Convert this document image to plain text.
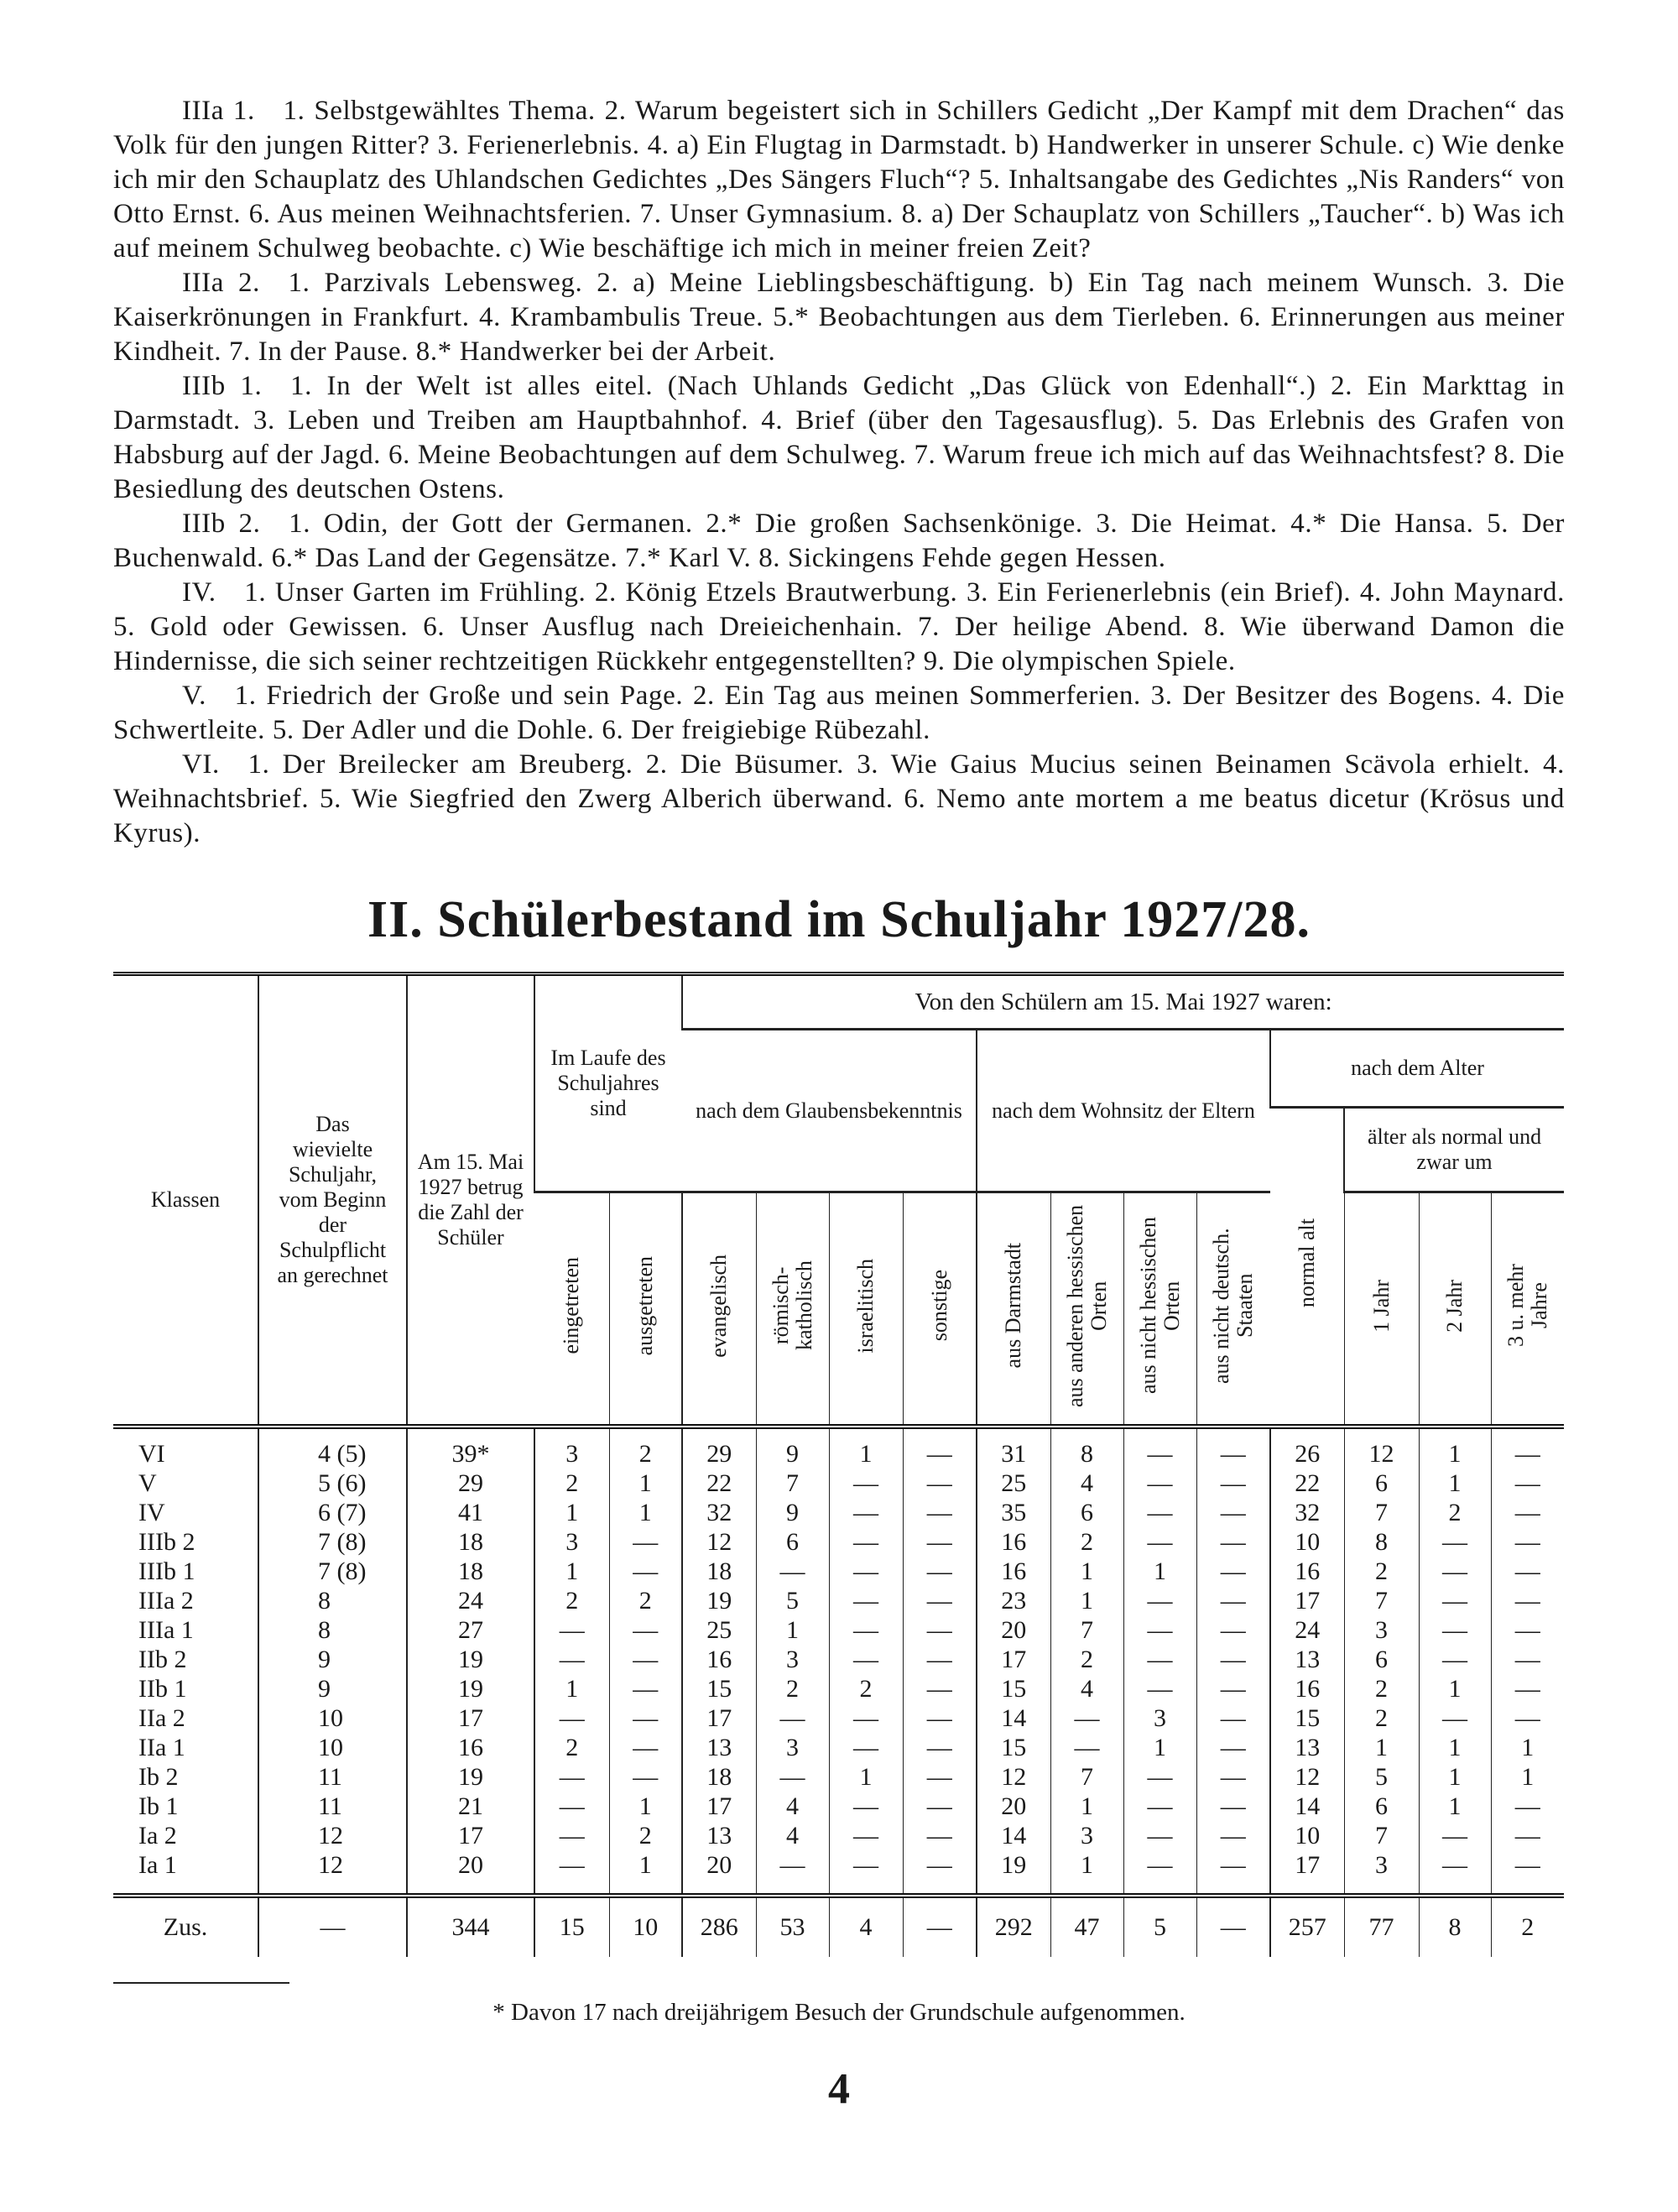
IIIa 1.  1. Selbstgewähltes Thema. 2. Warum begeistert sich in Schillers Gedicht „Der Kampf mit dem Drachen“ das Volk für den jungen Ritter? 3. Ferienerlebnis. 4. a) Ein Flugtag in Darmstadt. b) Handwerker in unserer Schule. c) Wie denke ich mir den Schauplatz des Uhlandschen Gedichtes „Des Sängers Fluch“? 5. Inhaltsangabe des Gedichtes „Nis Randers“ von Otto Ernst. 6. Aus meinen Weihnachtsferien. 7. Unser Gymnasium. 8. a) Der Schauplatz von Schillers „Taucher“. b) Was ich auf meinem Schulweg beobachte. c) Wie beschäftige ich mich in meiner freien Zeit?

IIIa 2.  1. Parzivals Lebensweg. 2. a) Meine Lieblingsbeschäftigung. b) Ein Tag nach meinem Wunsch. 3. Die Kaiserkrönungen in Frankfurt. 4. Krambambulis Treue. 5.* Beobachtungen aus dem Tierleben. 6. Erinnerungen aus meiner Kindheit. 7. In der Pause. 8.* Handwerker bei der Arbeit.

IIIb 1.  1. In der Welt ist alles eitel. (Nach Uhlands Gedicht „Das Glück von Edenhall“.) 2. Ein Markttag in Darmstadt. 3. Leben und Treiben am Hauptbahnhof. 4. Brief (über den Tagesausflug). 5. Das Erlebnis des Grafen von Habsburg auf der Jagd. 6. Meine Beobachtungen auf dem Schulweg. 7. Warum freue ich mich auf das Weihnachtsfest? 8. Die Besiedlung des deutschen Ostens.

IIIb 2.  1. Odin, der Gott der Germanen. 2.* Die großen Sachsenkönige. 3. Die Heimat. 4.* Die Hansa. 5. Der Buchenwald. 6.* Das Land der Gegensätze. 7.* Karl V. 8. Sickingens Fehde gegen Hessen.

IV.  1. Unser Garten im Frühling. 2. König Etzels Brautwerbung. 3. Ein Ferienerlebnis (ein Brief). 4. John Maynard. 5. Gold oder Gewissen. 6. Unser Ausflug nach Dreieichenhain. 7. Der heilige Abend. 8. Wie überwand Damon die Hindernisse, die sich seiner rechtzeitigen Rückkehr entgegenstellten? 9. Die olympischen Spiele.

V.  1. Friedrich der Große und sein Page. 2. Ein Tag aus meinen Sommerferien. 3. Der Besitzer des Bogens. 4. Die Schwertleite. 5. Der Adler und die Dohle. 6. Der freigiebige Rübezahl.

VI.  1. Der Breilecker am Breuberg. 2. Die Büsumer. 3. Wie Gaius Mucius seinen Beinamen Scävola erhielt. 4. Weihnachtsbrief. 5. Wie Siegfried den Zwerg Alberich überwand. 6. Nemo ante mortem a me beatus dicetur (Krösus und Kyrus).

II. Schülerbestand im Schuljahr 1927/28.
Klassen	Das wievielte Schuljahr, vom Beginn der Schulpflicht an gerechnet	Am 15. Mai 1927 betrug die Zahl der Schüler	Im Laufe des Schuljahres sind		Von den Schülern am 15. Mai 1927 waren:											
					nach dem Glaubensbekenntnis				nach dem Wohnsitz der Eltern				nach dem Alter			
													normal alt	älter als normal und zwar um		
			eingetreten	ausgetreten	evangelisch	römisch-katholisch	israelitisch	sonstige	aus Darmstadt	aus anderen hessischen Orten	aus nicht hessischen Orten	aus nicht deutsch. Staaten		1 Jahr	2 Jahr	3 u. mehr Jahre
VI	4 (5)	39*	3	2	29	9	1	—	31	8	—	—	26	12	1	—
V	5 (6)	29	2	1	22	7	—	—	25	4	—	—	22	6	1	—
IV	6 (7)	41	1	1	32	9	—	—	35	6	—	—	32	7	2	—
IIIb 2	7 (8)	18	3	—	12	6	—	—	16	2	—	—	10	8	—	—
IIIb 1	7 (8)	18	1	—	18	—	—	—	16	1	1	—	16	2	—	—
IIIa 2	8	24	2	2	19	5	—	—	23	1	—	—	17	7	—	—
IIIa 1	8	27	—	—	25	1	—	—	20	7	—	—	24	3	—	—
IIb 2	9	19	—	—	16	3	—	—	17	2	—	—	13	6	—	—
IIb 1	9	19	1	—	15	2	2	—	15	4	—	—	16	2	1	—
IIa 2	10	17	—	—	17	—	—	—	14	—	3	—	15	2	—	—
IIa 1	10	16	2	—	13	3	—	—	15	—	1	—	13	1	1	1
Ib 2	11	19	—	—	18	—	1	—	12	7	—	—	12	5	1	1
Ib 1	11	21	—	1	17	4	—	—	20	1	—	—	14	6	1	—
Ia 2	12	17	—	2	13	4	—	—	14	3	—	—	10	7	—	—
Ia 1	12	20	—	1	20	—	—	—	19	1	—	—	17	3	—	—

Zus.	—	344	15	10	286	53	4	—	292	47	5	—	257	77	8	2
* Davon 17 nach dreijährigem Besuch der Grundschule aufgenommen.
4
